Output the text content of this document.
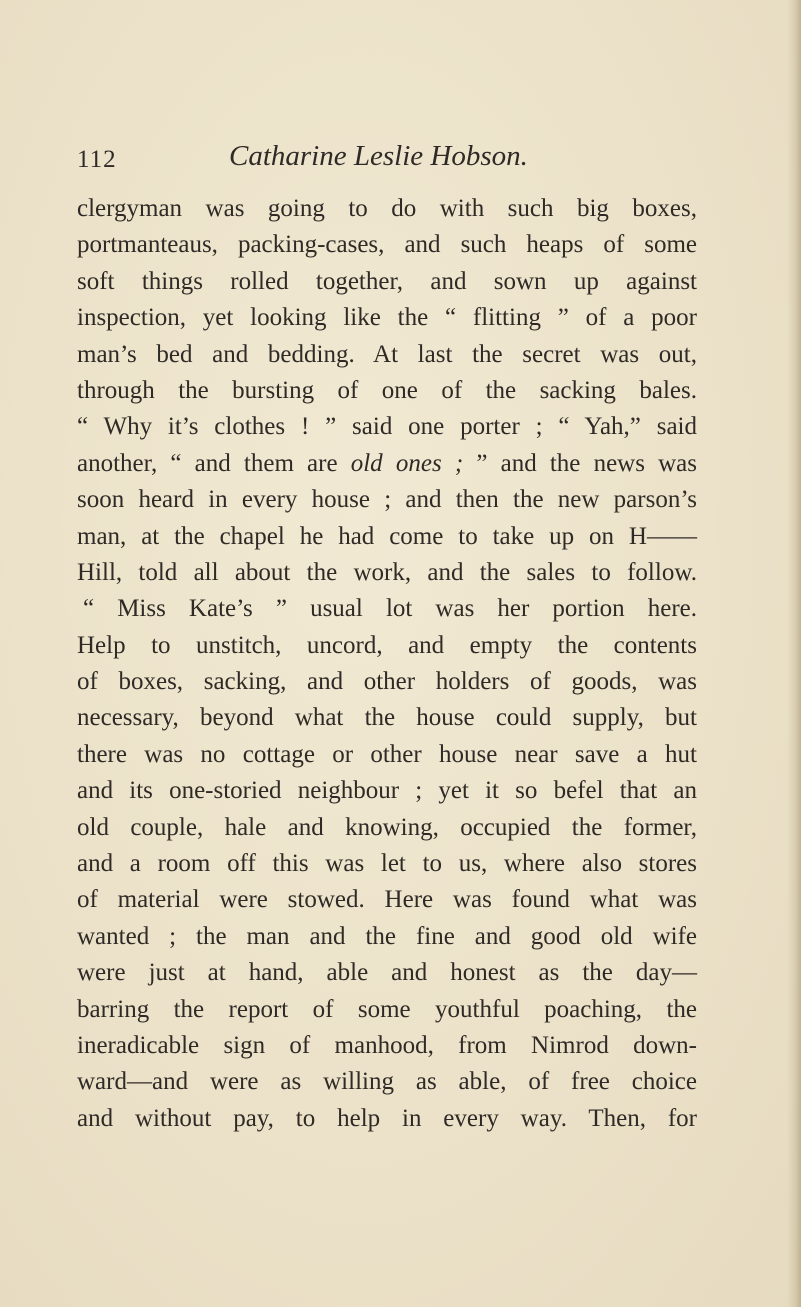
112	Catharine Leslie Hobson.
clergyman was going to do with such big boxes,
portmanteaus, packing-cases, and such heaps of some
soft things rolled together, and sown up against
inspection, yet looking like the “ flitting ” of a poor
man’s bed and bedding. At last the secret was out,
through the bursting of one of the sacking bales.
“ Why it’s clothes ! ” said one porter ; “ Yah,” said
another, “ and them are old ones ; ” and the news was
soon heard in every house ; and then the new parson’s
man, at the chapel he had come to take up on H——
Hill, told all about the work, and the sales to follow.
“ Miss Kate’s ” usual lot was her portion here.
Help to unstitch, uncord, and empty the contents
of boxes, sacking, and other holders of goods, was
necessary, beyond what the house could supply, but
there was no cottage or other house near save a hut
and its one-storied neighbour ; yet it so befel that an
old couple, hale and knowing, occupied the former,
and a room off this was let to us, where also stores
of material were stowed. Here was found what was
wanted ; the man and the fine and good old wife
were just at hand, able and honest as the day—
barring the report of some youthful poaching, the
ineradicable sign of manhood, from Nimrod down-
ward—and were as willing as able, of free choice
and without pay, to help in every way. Then, for
